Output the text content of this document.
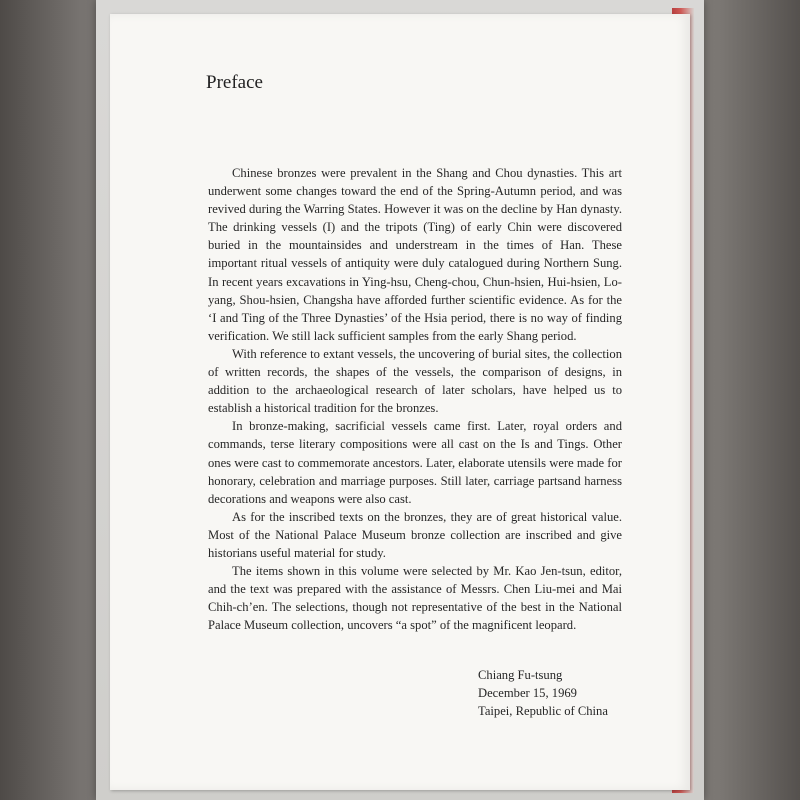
Preface

Chinese bronzes were prevalent in the Shang and Chou dynasties. This art underwent some changes toward the end of the Spring-Autumn period, and was revived during the Warring States. However it was on the decline by Han dynasty. The drinking vessels (I) and the tripots (Ting) of early Chin were discovered buried in the mountainsides and understream in the times of Han. These important ritual vessels of antiquity were duly catalogued during Northern Sung. In recent years excavations in Ying-hsu, Cheng-chou, Chun-hsien, Hui-hsien, Lo-yang, Shou-hsien, Changsha have afforded further scientific evidence. As for the ‘I and Ting of the Three Dynasties’ of the Hsia period, there is no way of finding verification. We still lack sufficient samples from the early Shang period.

With reference to extant vessels, the uncovering of burial sites, the collection of written records, the shapes of the vessels, the comparison of designs, in addition to the archaeological research of later scholars, have helped us to establish a historical tradition for the bronzes.

In bronze-making, sacrificial vessels came first. Later, royal orders and commands, terse literary compositions were all cast on the Is and Tings. Other ones were cast to commemorate ancestors. Later, elaborate utensils were made for honorary, celebration and marriage purposes. Still later, carriage partsand harness decorations and weapons were also cast.

As for the inscribed texts on the bronzes, they are of great historical value. Most of the National Palace Museum bronze collection are inscribed and give historians useful material for study.

The items shown in this volume were selected by Mr. Kao Jen-tsun, editor, and the text was prepared with the assistance of Messrs. Chen Liu-mei and Mai Chih-ch’en. The selections, though not representative of the best in the National Palace Museum collection, uncovers “a spot” of the magnificent leopard.

Chiang Fu-tsung
December 15, 1969
Taipei, Republic of China
